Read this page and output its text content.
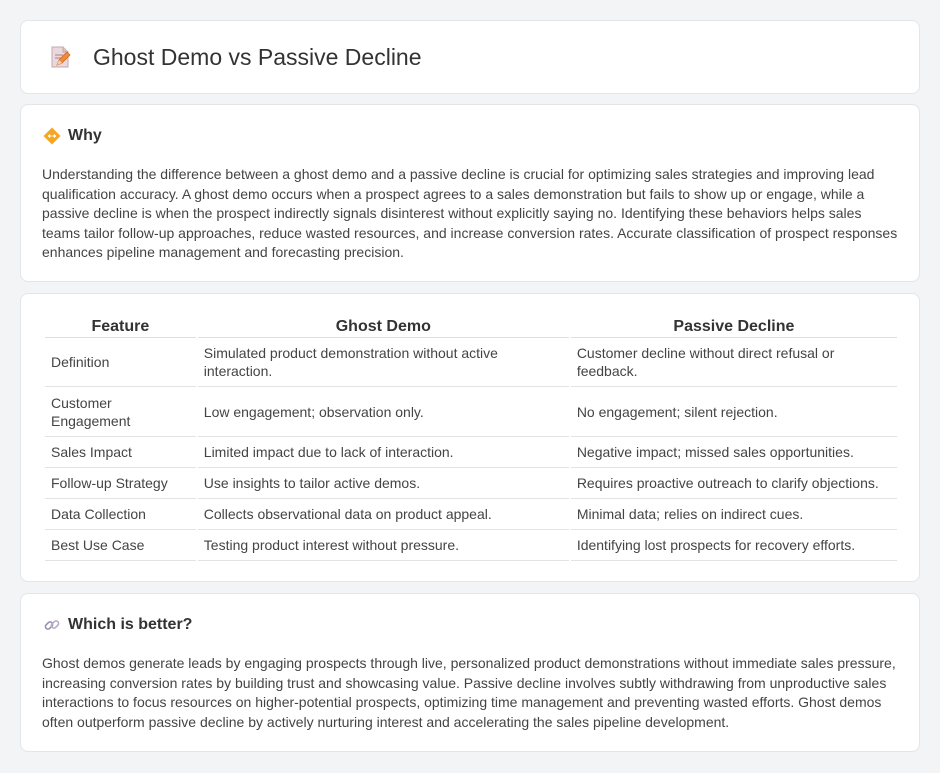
Ghost Demo vs Passive Decline
Why

Understanding the difference between a ghost demo and a passive decline is crucial for optimizing sales strategies and improving lead qualification accuracy. A ghost demo occurs when a prospect agrees to a sales demonstration but fails to show up or engage, while a passive decline is when the prospect indirectly signals disinterest without explicitly saying no. Identifying these behaviors helps sales teams tailor follow-up approaches, reduce wasted resources, and increase conversion rates. Accurate classification of prospect responses enhances pipeline management and forecasting precision.

Feature	Ghost Demo	Passive Decline
Definition	Simulated product demonstration without active interaction.	Customer decline without direct refusal or feedback.
Customer Engagement	Low engagement; observation only.	No engagement; silent rejection.
Sales Impact	Limited impact due to lack of interaction.	Negative impact; missed sales opportunities.
Follow-up Strategy	Use insights to tailor active demos.	Requires proactive outreach to clarify objections.
Data Collection	Collects observational data on product appeal.	Minimal data; relies on indirect cues.
Best Use Case	Testing product interest without pressure.	Identifying lost prospects for recovery efforts.
Which is better?

Ghost demos generate leads by engaging prospects through live, personalized product demonstrations without immediate sales pressure, increasing conversion rates by building trust and showcasing value. Passive decline involves subtly withdrawing from unproductive sales interactions to focus resources on higher-potential prospects, optimizing time management and preventing wasted efforts. Ghost demos often outperform passive decline by actively nurturing interest and accelerating the sales pipeline development.
